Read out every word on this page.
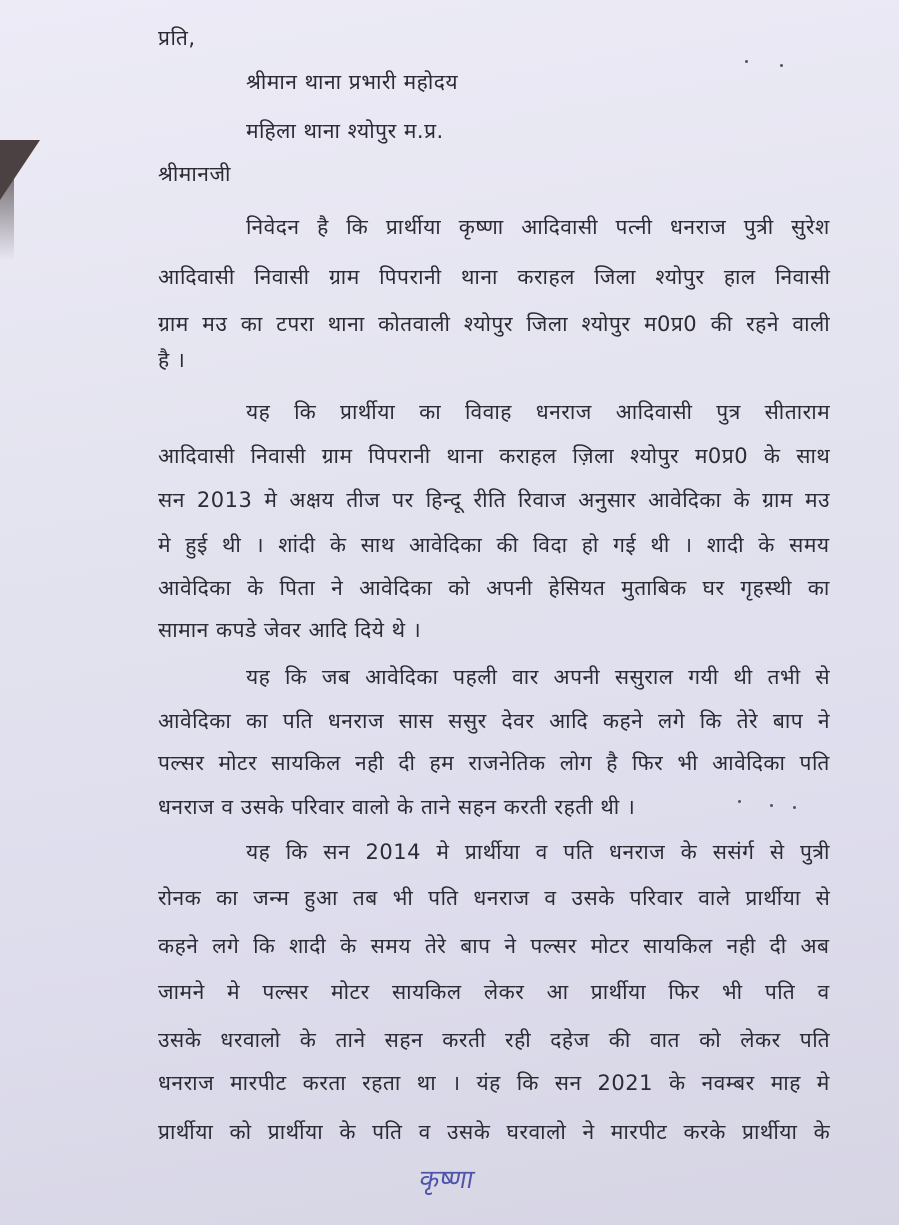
प्रति,
श्रीमान थाना प्रभारी महोदय
महिला थाना श्योपुर म.प्र.
श्रीमानजी
निवेदन है कि प्रार्थीया कृष्णा आदिवासी पत्नी धनराज पुत्री सुरेश
आदिवासी निवासी ग्राम पिपरानी थाना कराहल जिला श्योपुर हाल निवासी
ग्राम मउ का टपरा थाना कोतवाली श्योपुर जिला श्योपुर म0प्र0 की रहने वाली
है ।
यह कि प्रार्थीया का विवाह धनराज आदिवासी पुत्र सीताराम
आदिवासी निवासी ग्राम पिपरानी थाना कराहल ज़िला श्योपुर म0प्र0 के साथ
सन 2013 मे अक्षय तीज पर हिन्दू रीति रिवाज अनुसार आवेदिका के ग्राम मउ
मे हुई थी । शांदी के साथ आवेदिका की विदा हो गई थी । शादी के समय
आवेदिका के पिता ने आवेदिका को अपनी हेसियत मुताबिक घर गृहस्थी का
सामान कपडे जेवर आदि दिये थे ।
यह कि जब आवेदिका पहली वार अपनी ससुराल गयी थी तभी से
आवेदिका का पति धनराज सास ससुर देवर आदि कहने लगे कि तेरे बाप ने
पल्सर मोटर सायकिल नही दी हम राजनेतिक लोग है फिर भी आवेदिका पति
धनराज व उसके परिवार वालो के ताने सहन करती रहती थी ।
यह कि सन 2014 मे प्रार्थीया व पति धनराज के ससंर्ग से पुत्री
रोनक का जन्म हुआ तब भी पति धनराज व उसके परिवार वाले प्रार्थीया से
कहने लगे कि शादी के समय तेरे बाप ने पल्सर मोटर सायकिल नही दी अब
जामने मे पल्सर मोटर सायकिल लेकर आ प्रार्थीया फिर भी पति व
उसके धरवालो के ताने सहन करती रही दहेज की वात को लेकर पति
धनराज मारपीट करता रहता था । यंह कि सन 2021 के नवम्बर माह मे
प्रार्थीया को प्रार्थीया के पति व उसके घरवालो ने मारपीट करके प्रार्थीया के
कृष्णा
